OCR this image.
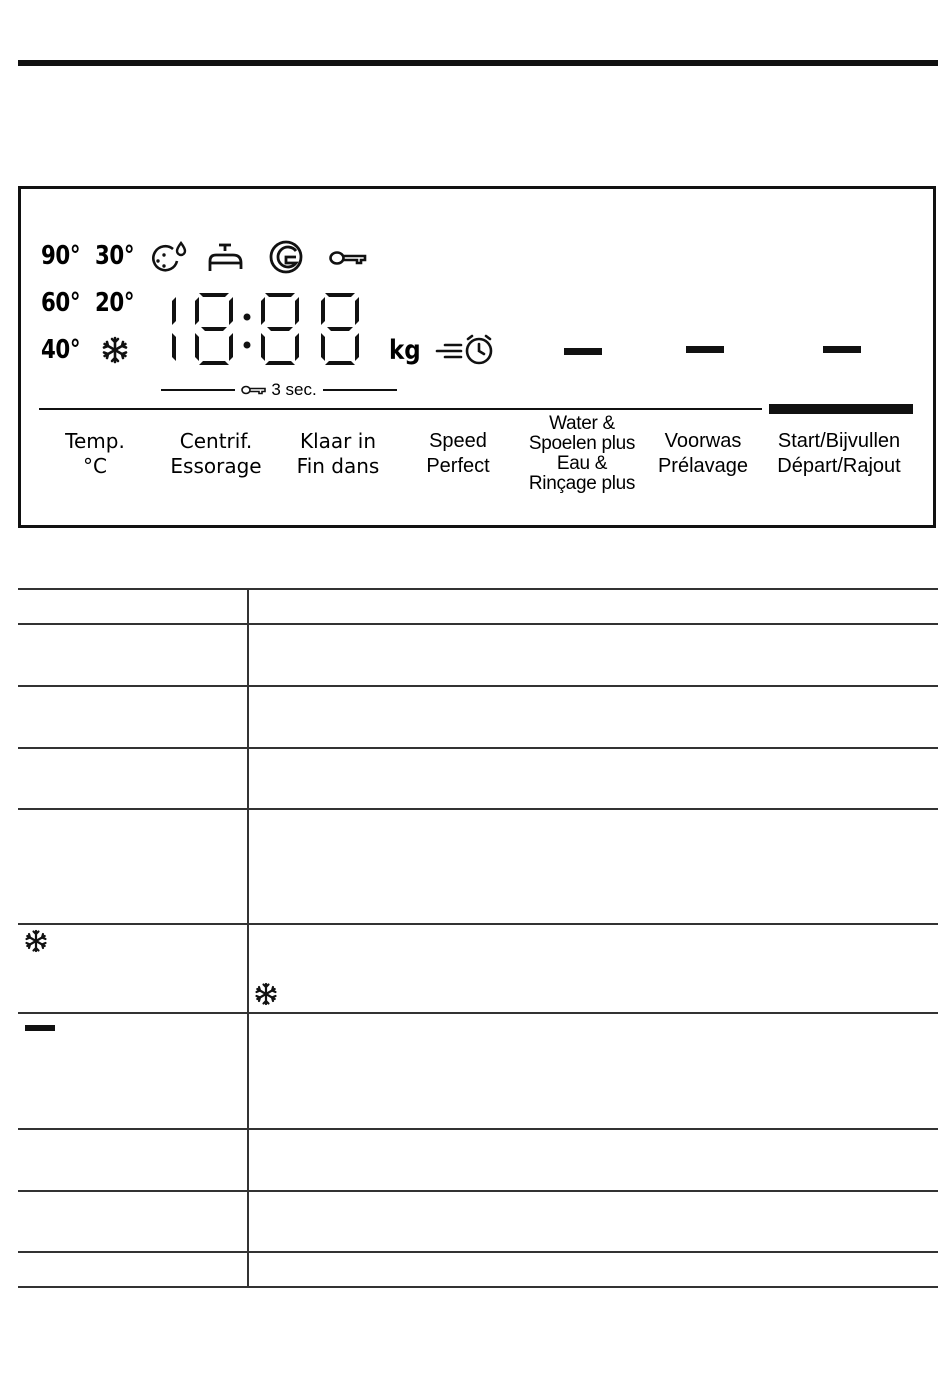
90° 30°
60° 20°
40°	kg
3 sec.
Temp.
°C
Centrif.
Essorage
Klaar in
Fin dans
Speed
Perfect
Water &
Spoelen plus
Eau &
Rinçage plus
Voorwas
Prélavage
Start/Bijvullen
Départ/Rajout
